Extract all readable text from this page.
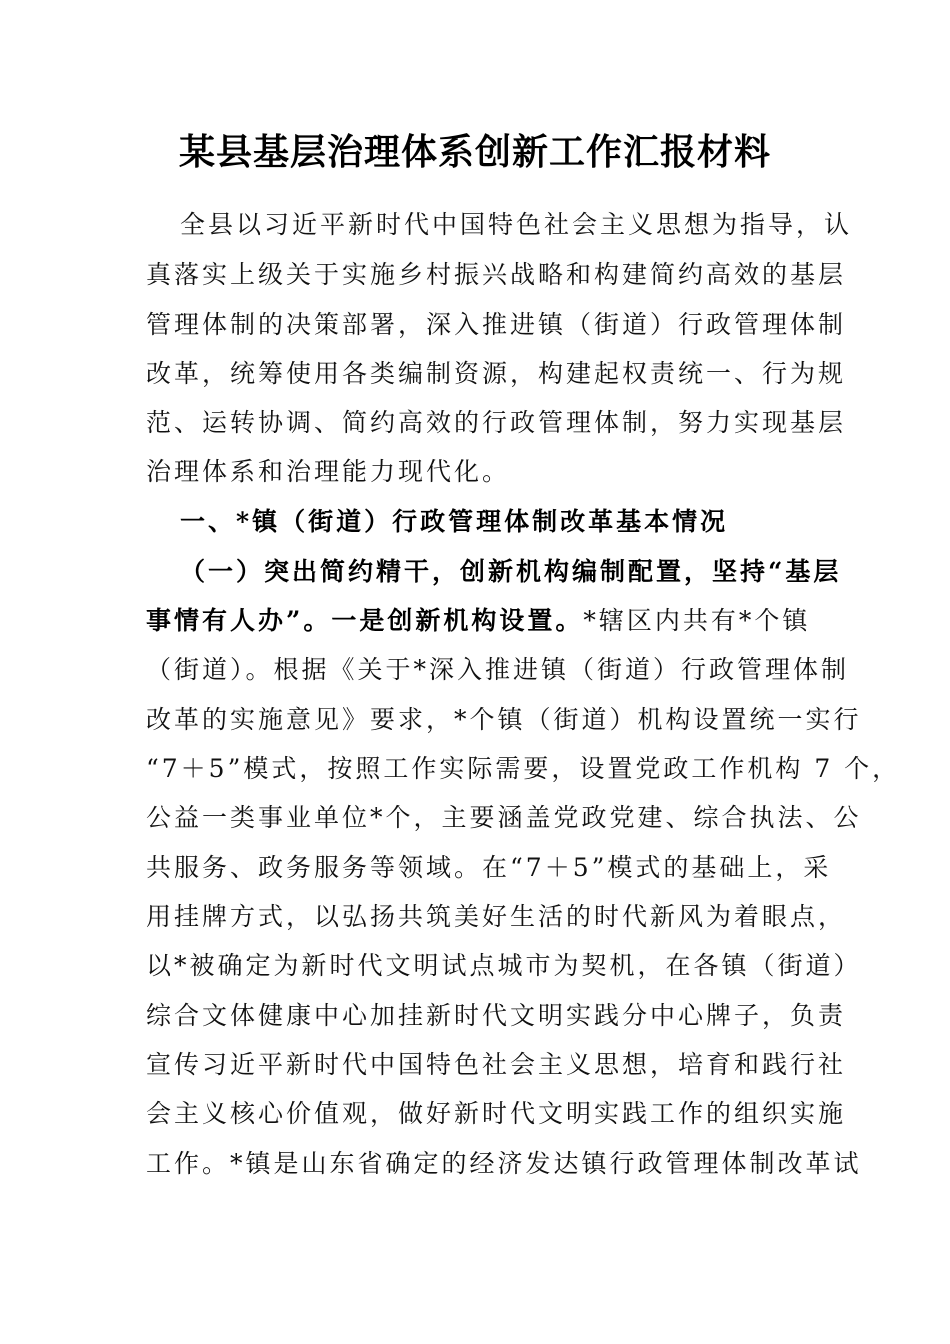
某县基层治理体系创新工作汇报材料
全县以习近平新时代中国特色社会主义思想为指导，认
真落实上级关于实施乡村振兴战略和构建简约高效的基层
管理体制的决策部署，深入推进镇（街道）行政管理体制
改革，统筹使用各类编制资源，构建起权责统一、行为规
范、运转协调、简约高效的行政管理体制，努力实现基层
治理体系和治理能力现代化。
一、*镇（街道）行政管理体制改革基本情况
（一）突出简约精干，创新机构编制配置，坚持“基层
事情有人办”。一是创新机构设置。*辖区内共有*个镇
（街道）。根据《关于*深入推进镇（街道）行政管理体制
改革的实施意见》要求，*个镇（街道）机构设置统一实行
“7＋5”模式，按照工作实际需要，设置党政工作机构 7 个，
公益一类事业单位*个，主要涵盖党政党建、综合执法、公
共服务、政务服务等领域。在“7＋5”模式的基础上，采
用挂牌方式，以弘扬共筑美好生活的时代新风为着眼点，
以*被确定为新时代文明试点城市为契机，在各镇（街道）
综合文体健康中心加挂新时代文明实践分中心牌子，负责
宣传习近平新时代中国特色社会主义思想，培育和践行社
会主义核心价值观，做好新时代文明实践工作的组织实施
工作。*镇是山东省确定的经济发达镇行政管理体制改革试
